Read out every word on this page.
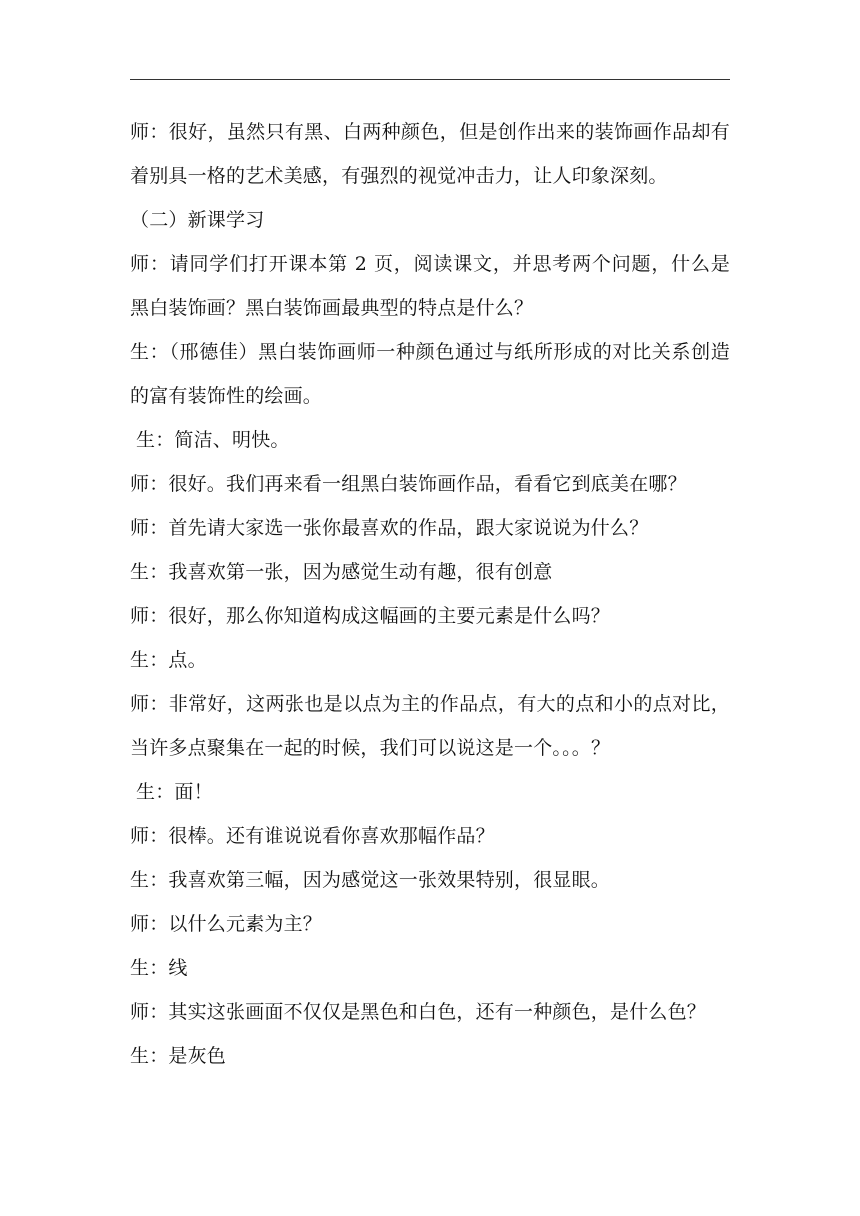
师：很好，虽然只有黑、白两种颜色，但是创作出来的装饰画作品却有着别具一格的艺术美感，有强烈的视觉冲击力，让人印象深刻。

（二）新课学习

师：请同学们打开课本第 2 页，阅读课文，并思考两个问题，什么是黑白装饰画？黑白装饰画最典型的特点是什么？

生：（邢德佳）黑白装饰画师一种颜色通过与纸所形成的对比关系创造的富有装饰性的绘画。

生：简洁、明快。

师：很好。我们再来看一组黑白装饰画作品，看看它到底美在哪？

师：首先请大家选一张你最喜欢的作品，跟大家说说为什么？

生：我喜欢第一张，因为感觉生动有趣，很有创意

师：很好，那么你知道构成这幅画的主要元素是什么吗？

生：点。

师：非常好，这两张也是以点为主的作品点，有大的点和小的点对比，当许多点聚集在一起的时候，我们可以说这是一个。。。？

生：面！

师：很棒。还有谁说说看你喜欢那幅作品？

生：我喜欢第三幅，因为感觉这一张效果特别，很显眼。

师：以什么元素为主？

生：线

师：其实这张画面不仅仅是黑色和白色，还有一种颜色，是什么色？

生：是灰色
